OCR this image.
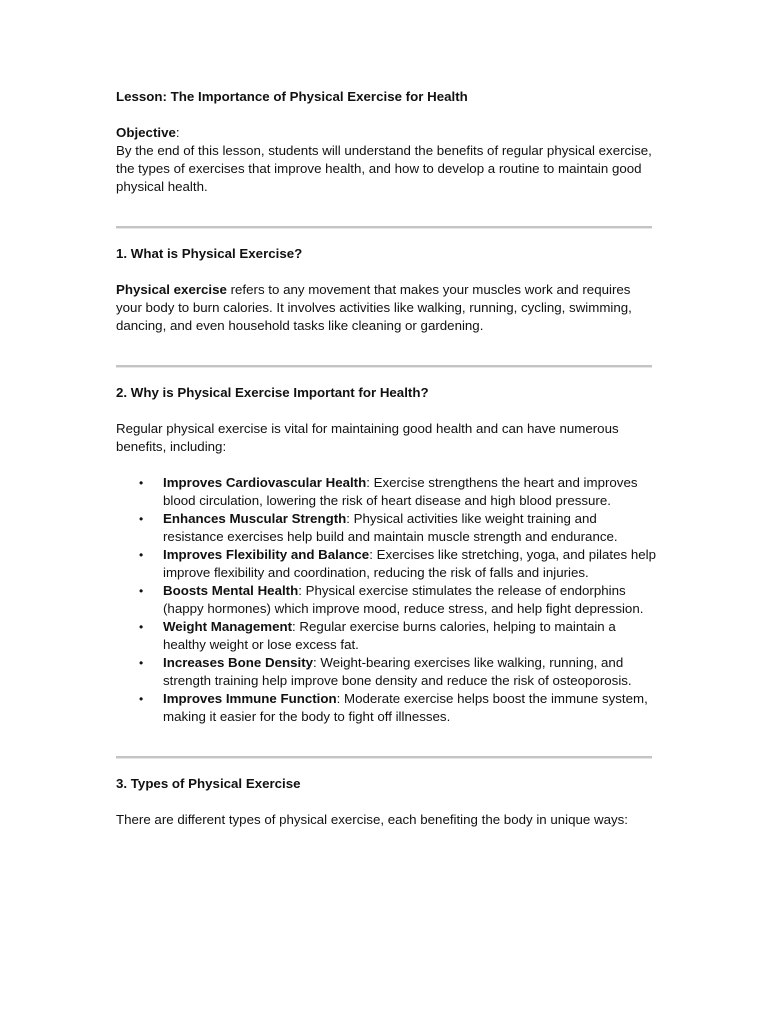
Lesson: The Importance of Physical Exercise for Health

Objective:

By the end of this lesson, students will understand the benefits of regular physical exercise, the types of exercises that improve health, and how to develop a routine to maintain good physical health.

1. What is Physical Exercise?

Physical exercise refers to any movement that makes your muscles work and requires your body to burn calories. It involves activities like walking, running, cycling, swimming, dancing, and even household tasks like cleaning or gardening.

2. Why is Physical Exercise Important for Health?

Regular physical exercise is vital for maintaining good health and can have numerous benefits, including:

• Improves Cardiovascular Health: Exercise strengthens the heart and improves blood circulation, lowering the risk of heart disease and high blood pressure.
• Enhances Muscular Strength: Physical activities like weight training and resistance exercises help build and maintain muscle strength and endurance.
• Improves Flexibility and Balance: Exercises like stretching, yoga, and pilates help improve flexibility and coordination, reducing the risk of falls and injuries.
• Boosts Mental Health: Physical exercise stimulates the release of endorphins (happy hormones) which improve mood, reduce stress, and help fight depression.
• Weight Management: Regular exercise burns calories, helping to maintain a healthy weight or lose excess fat.
• Increases Bone Density: Weight-bearing exercises like walking, running, and strength training help improve bone density and reduce the risk of osteoporosis.
• Improves Immune Function: Moderate exercise helps boost the immune system, making it easier for the body to fight off illnesses.
3. Types of Physical Exercise

There are different types of physical exercise, each benefiting the body in unique ways:
